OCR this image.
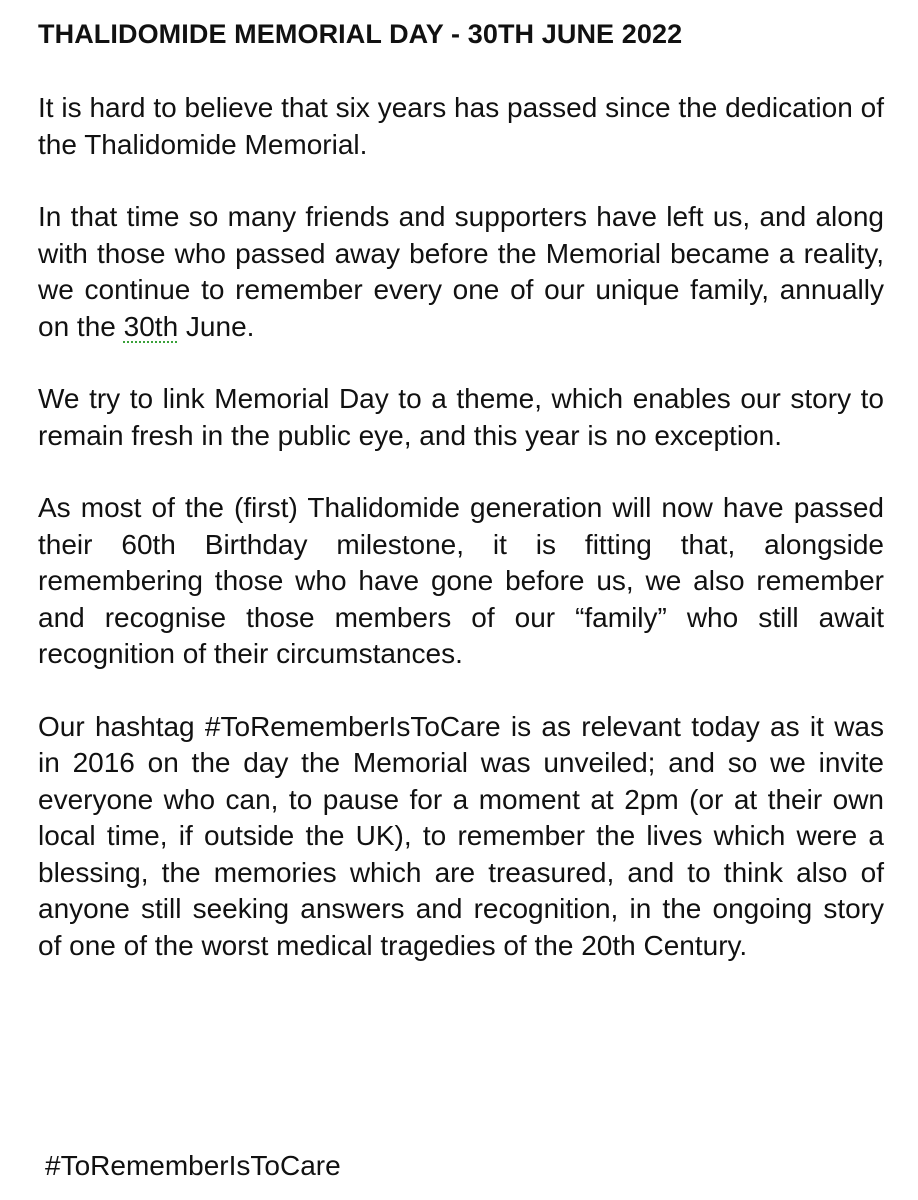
THALIDOMIDE MEMORIAL DAY - 30TH JUNE 2022

It is hard to believe that six years has passed since the dedication of the Thalidomide Memorial.

In that time so many friends and supporters have left us, and along with those who passed away before the Memorial became a reality, we continue to remember every one of our unique family, annually on the 30th June.

We try to link Memorial Day to a theme, which enables our story to remain fresh in the public eye, and this year is no exception.

As most of the (first) Thalidomide generation will now have passed their 60th Birthday milestone, it is fitting that, alongside remembering those who have gone before us, we also remember and recognise those members of our “family” who still await recognition of their circumstances.

Our hashtag #ToRememberIsToCare is as relevant today as it was in 2016 on the day the Memorial was unveiled; and so we invite everyone who can, to pause for a moment at 2pm (or at their own local time, if outside the UK), to remember the lives which were a blessing, the memories which are treasured, and to think also of anyone still seeking answers and recognition, in the ongoing story of one of the worst medical tragedies of the 20th Century.

#ToRememberIsToCare
